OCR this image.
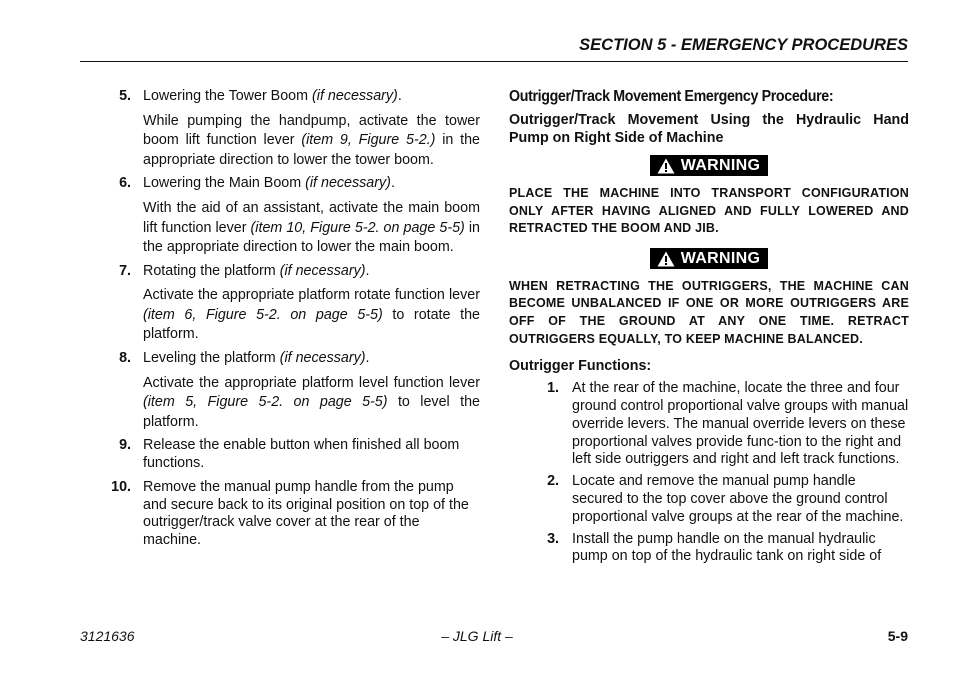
SECTION 5 - EMERGENCY PROCEDURES
5. Lowering the Tower Boom (if necessary).
While pumping the handpump, activate the tower boom lift function lever (item 9, Figure 5-2.) in the appropriate direction to lower the tower boom.
6. Lowering the Main Boom (if necessary).
With the aid of an assistant, activate the main boom lift function lever (item 10, Figure 5-2. on page 5-5) in the appropriate direction to lower the main boom.
7. Rotating the platform (if necessary).
Activate the appropriate platform rotate function lever (item 6, Figure 5-2. on page 5-5) to rotate the platform.
8. Leveling the platform (if necessary).
Activate the appropriate platform level function lever (item 5, Figure 5-2. on page 5-5) to level the platform.
9. Release the enable button when finished all boom functions.
10. Remove the manual pump handle from the pump and secure back to its original position on top of the outrigger/track valve cover at the rear of the machine.
Outrigger/Track Movement Emergency Procedure:
Outrigger/Track Movement Using the Hydraulic Hand Pump on Right Side of Machine
WARNING
PLACE THE MACHINE INTO TRANSPORT CONFIGURATION ONLY AFTER HAVING ALIGNED AND FULLY LOWERED AND RETRACTED THE BOOM AND JIB.
WARNING
WHEN RETRACTING THE OUTRIGGERS, THE MACHINE CAN BECOME UNBALANCED IF ONE OR MORE OUTRIGGERS ARE OFF OF THE GROUND AT ANY ONE TIME. RETRACT OUTRIGGERS EQUALLY, TO KEEP MACHINE BALANCED.
Outrigger Functions:
1. At the rear of the machine, locate the three and four ground control proportional valve groups with manual override levers. The manual override levers on these proportional valves provide func-tion to the right and left side outriggers and right and left track functions.
2. Locate and remove the manual pump handle secured to the top cover above the ground control proportional valve groups at the rear of the machine.
3. Install the pump handle on the manual hydraulic pump on top of the hydraulic tank on right side of
3121636	– JLG Lift –	5-9
